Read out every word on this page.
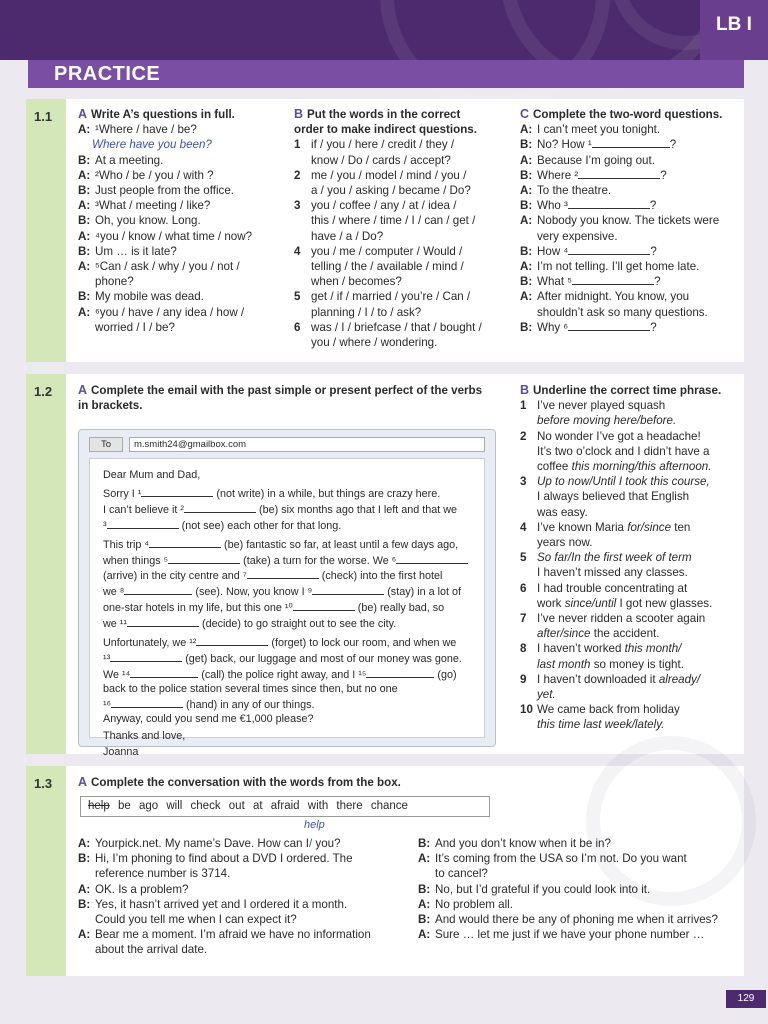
LB I
PRACTICE
1.1 A Write A’s questions in full.
A: ¹Where / have / be?
Where have you been?
B: At a meeting.
A: ²Who / be / you / with ?
B: Just people from the office.
A: ³What / meeting / like?
B: Oh, you know. Long.
A: ⁴you / know / what time / now?
B: Um … is it late?
A: ⁵Can / ask / why / you / not /
phone?
B: My mobile was dead.
A: ⁶you / have / any idea / how /
worried / I / be?
B Put the words in the correct
order to make indirect questions.
1 if / you / here / credit / they /
know / Do / cards / accept?
2 me / you / model / mind / you /
a / you / asking / became / Do?
3 you / coffee / any / at / idea /
this / where / time / I / can / get /
have / a / Do?
4 you / me / computer / Would /
telling / the / available / mind /
when / becomes?
5 get / if / married / you’re / Can /
planning / I / to / ask?
6 was / I / briefcase / that / bought /
you / where / wondering.
C Complete the two-word questions.
A: I can’t meet you tonight.
B: No? How ¹	?
A: Because I’m going out.
B: Where ²	?
A: To the theatre.
B: Who ³	?
A: Nobody you know. The tickets were
very expensive.
B: How ⁴	?
A: I’m not telling. I’ll get home late.
B: What ⁵	?
A: After midnight. You know, you
shouldn’t ask so many questions.
B: Why ⁶	?
1.2 A Complete the email with the past simple or present perfect of the verbs
in brackets.
To	m.smith24@gmailbox.com
Dear Mum and Dad,
Sorry I ¹	(not write) in a while, but things are crazy here.
I can’t believe it ²	(be) six months ago that I left and that we
³	(not see) each other for that long.
This trip ⁴	(be) fantastic so far, at least until a few days ago,
when things ⁵	(take) a turn for the worse. We ⁶
(arrive) in the city centre and ⁷	(check) into the first hotel
we ⁸	(see). Now, you know I ⁹	(stay) in a lot of
one-star hotels in my life, but this one ¹⁰	(be) really bad, so
we ¹¹	(decide) to go straight out to see the city.
Unfortunately, we ¹²	(forget) to lock our room, and when we
¹³	(get) back, our luggage and most of our money was gone.
We ¹⁴	(call) the police right away, and I ¹⁵	(go)
back to the police station several times since then, but no one
¹⁶	(hand) in any of our things.
Anyway, could you send me €1,000 please?
Thanks and love,
Joanna
B Underline the correct time phrase.
1 I’ve never played squash
before moving here/before.
2 No wonder I’ve got a headache!
It’s two o’clock and I didn’t have a
coffee this morning/this afternoon.
3 Up to now/Until I took this course,
I always believed that English
was easy.
4 I’ve known Maria for/since ten
years now.
5 So far/In the first week of term
I haven’t missed any classes.
6 I had trouble concentrating at
work since/until I got new glasses.
7 I’ve never ridden a scooter again
after/since the accident.
8 I haven’t worked this month/
last month so money is tight.
9 I haven’t downloaded it already/
yet.
10 We came back from holiday
this time last week/lately.
1.3 A Complete the conversation with the words from the box.
help be ago will check out at afraid with there chance
help
A: Yourpick.net. My name’s Dave. How can I/ you?
B: Hi, I’m phoning to find about a DVD I ordered. The
reference number is 3714.
A: OK. Is a problem?
B: Yes, it hasn’t arrived yet and I ordered it a month.
Could you tell me when I can expect it?
A: Bear me a moment. I’m afraid we have no information
about the arrival date.
B: And you don’t know when it be in?
A: It’s coming from the USA so I’m not. Do you want
to cancel?
B: No, but I’d grateful if you could look into it.
A: No problem all.
B: And would there be any of phoning me when it arrives?
A: Sure … let me just if we have your phone number …
129
